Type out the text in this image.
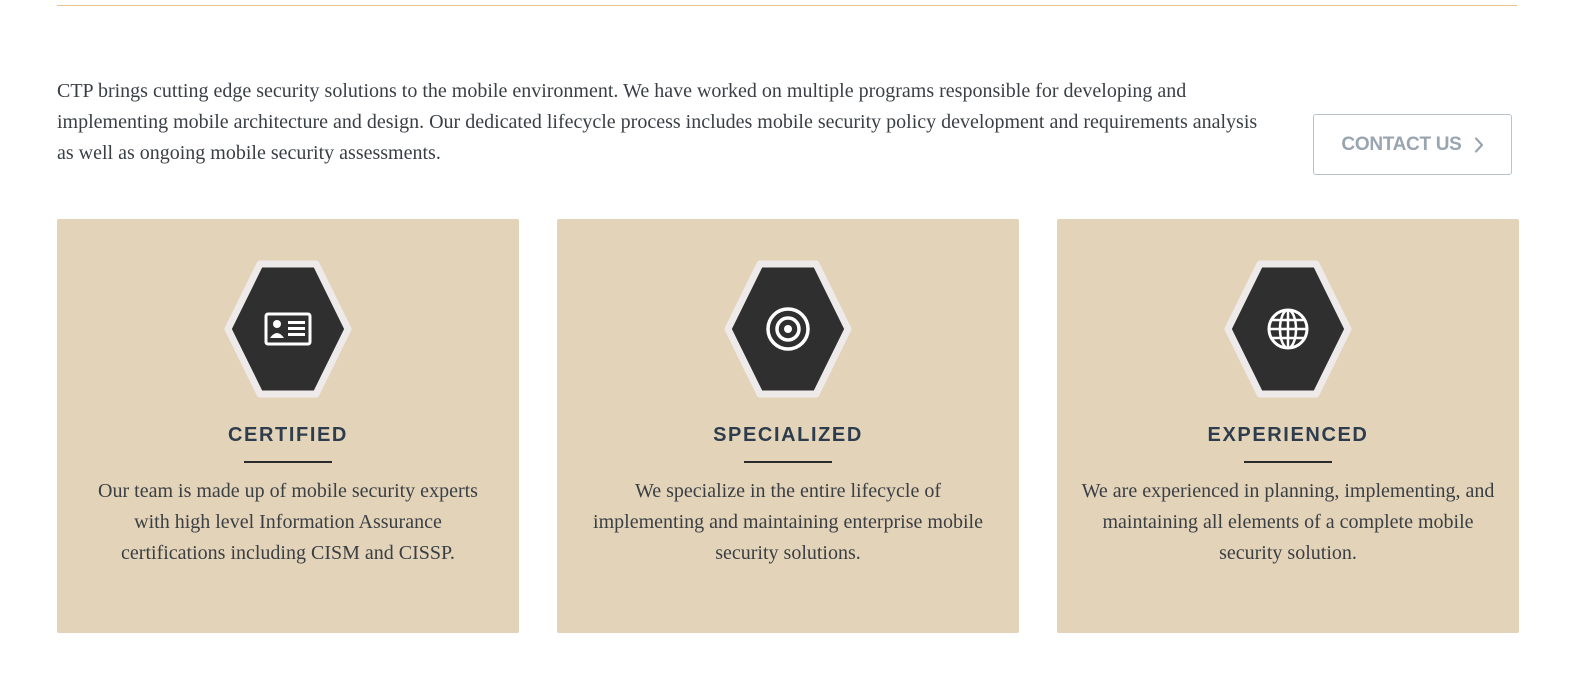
CTP brings cutting edge security solutions to the mobile environment. We have worked on multiple programs responsible for developing and implementing mobile architecture and design. Our dedicated lifecycle process includes mobile security policy development and requirements analysis as well as ongoing mobile security assessments.	CONTACT US
CERTIFIED

Our team is made up of mobile security experts with high level Information Assurance certifications including CISM and CISSP.

SPECIALIZED

We specialize in the entire lifecycle of implementing and maintaining enterprise mobile security solutions.

EXPERIENCED

We are experienced in planning, implementing, and maintaining all elements of a complete mobile security solution.
